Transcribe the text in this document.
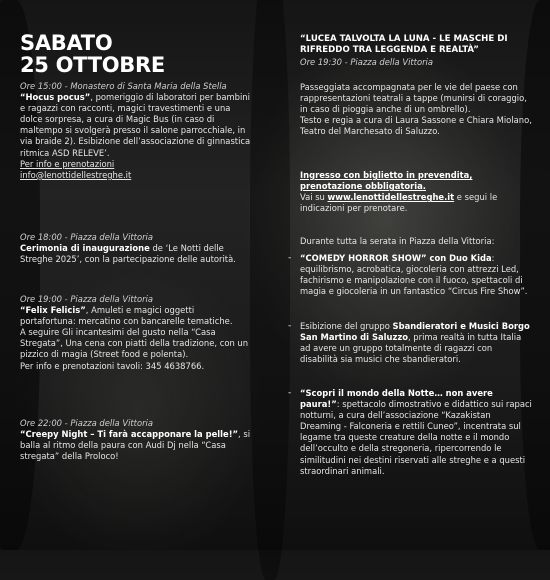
SABATO
25 OTTOBRE
Ore 15:00 - Monastero di Santa Maria della Stella
“Hocus pocus”, pomeriggio di laboratori per bambini e ragazzi con racconti, magici travestimenti e una dolce sorpresa, a cura di Magic Bus (in caso di maltempo si svolgerà presso il salone parrocchiale, in via braide 2). Esibizione dell’associazione di ginnastica ritmica ASD RELEVE’.
Per info e prenotazioni
info@lenottidellestreghe.it
Ore 18:00 - Piazza della Vittoria
Cerimonia di inaugurazione de ‘Le Notti delle Streghe 2025’, con la partecipazione delle autorità.
Ore 19:00 - Piazza della Vittoria
“Felix Felicis”, Amuleti e magici oggetti portafortuna: mercatino con bancarelle tematiche.
A seguire Gli incantesimi del gusto nella “Casa Stregata”, Una cena con piatti della tradizione, con un pizzico di magia (Street food e polenta).
Per info e prenotazioni tavoli: 345 4638766.
Ore 22:00 - Piazza della Vittoria
“Creepy Night – Ti farà accapponare la pelle!”, si balla al ritmo della paura con Audi Dj nella “Casa stregata” della Proloco!
“LUCEA TALVOLTA LA LUNA - LE MASCHE DI RIFREDDO TRA LEGGENDA E REALTÀ”
Ore 19:30 - Piazza della Vittoria
Passeggiata accompagnata per le vie del paese con rappresentazioni teatrali a tappe (munirsi di coraggio, in caso di pioggia anche di un ombrello).
Testo e regia a cura di Laura Sassone e Chiara Miolano, Teatro del Marchesato di Saluzzo.
Ingresso con biglietto in prevendita, prenotazione obbligatoria.
Vai su www.lenottidellestreghe.it e segui le indicazioni per prenotare.
Durante tutta la serata in Piazza della Vittoria:
-	“COMEDY HORROR SHOW” con Duo Kida: equilibrismo, acrobatica, giocoleria con attrezzi Led, fachirismo e manipolazione con il fuoco, spettacoli di magia e giocoleria in un fantastico “Circus Fire Show”.
-	Esibizione del gruppo Sbandieratori e Musici Borgo San Martino di Saluzzo, prima realtà in tutta Italia ad avere un gruppo totalmente di ragazzi con disabilità sia musici che sbandieratori.
-	“Scopri il mondo della Notte… non avere paura!”: spettacolo dimostrativo e didattico sui rapaci notturni, a cura dell’associazione “Kazakistan Dreaming - Falconeria e rettili Cuneo”, incentrata sul legame tra queste creature della notte e il mondo dell’occulto e della stregoneria, ripercorrendo le similitudini nei destini riservati alle streghe e a questi straordinari animali.
